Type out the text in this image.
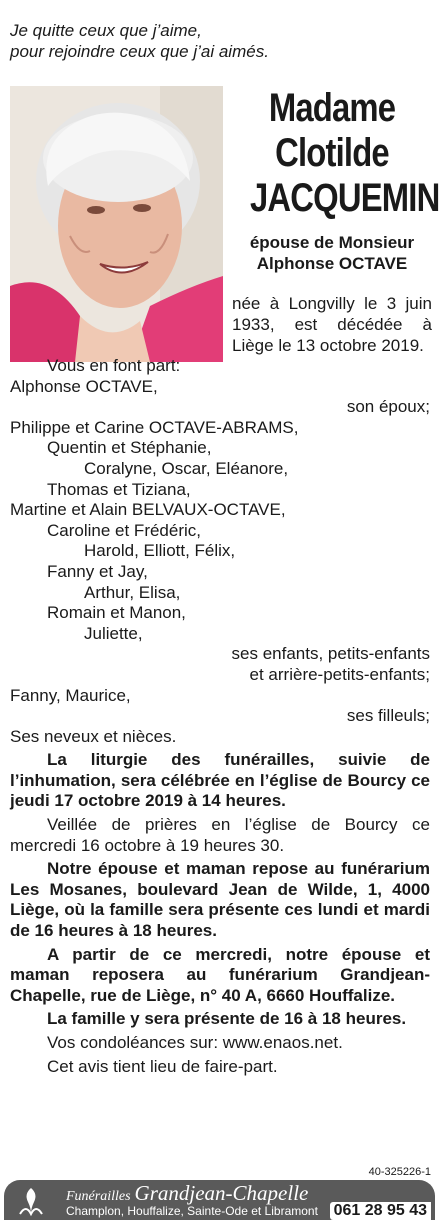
Je quitte ceux que j’aime,
pour rejoindre ceux que j’ai aimés.
Madame
Clotilde
JACQUEMIN
épouse de Monsieur
Alphonse OCTAVE
née à Longvilly le 3 juin
1933, est décédée à
Liège le 13 octobre 2019.
Vous en font part:
Alphonse OCTAVE,
son époux;
Philippe et Carine OCTAVE-ABRAMS,
Quentin et Stéphanie,
Coralyne, Oscar, Eléanore,
Thomas et Tiziana,
Martine et Alain BELVAUX-OCTAVE,
Caroline et Frédéric,
Harold, Elliott, Félix,
Fanny et Jay,
Arthur, Elisa,
Romain et Manon,
Juliette,
ses enfants, petits-enfants
et arrière-petits-enfants;
Fanny, Maurice,
ses filleuls;
Ses neveux et nièces.
La liturgie des funérailles, suivie de l’inhumation, sera célébrée en l’église de Bourcy ce jeudi 17 octobre 2019 à 14 heures.
Veillée de prières en l’église de Bourcy ce mercredi 16 octobre à 19 heures 30.
Notre épouse et maman repose au funérarium Les Mosanes, boulevard Jean de Wilde, 1, 4000 Liège, où la famille sera présente ces lundi et mardi de 16 heures à 18 heures.
A partir de ce mercredi, notre épouse et maman reposera au funérarium Grandjean-Chapelle, rue de Liège, n° 40 A, 6660 Houffalize.
La famille y sera présente de 16 à 18 heures.
Vos condoléances sur: www.enaos.net.
Cet avis tient lieu de faire-part.
40-325226-1
Funérailles Grandjean-Chapelle
Champlon, Houffalize, Sainte-Ode et Libramont 061 28 95 43
